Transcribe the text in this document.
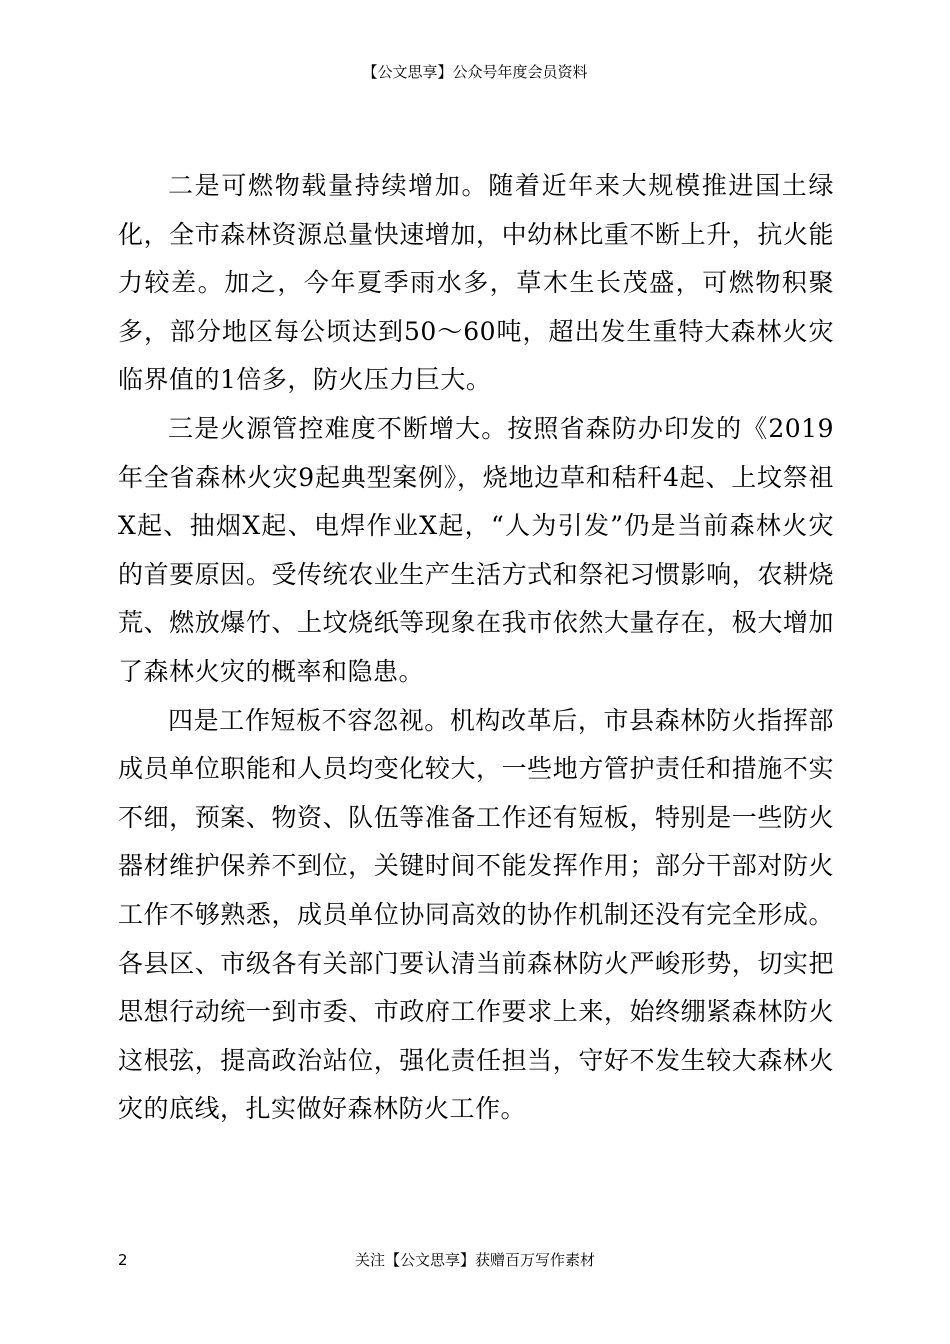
【公文思享】公众号年度会员资料

二是可燃物载量持续增加。随着近年来大规模推进国土绿化，全市森林资源总量快速增加，中幼林比重不断上升，抗火能力较差。加之，今年夏季雨水多，草木生长茂盛，可燃物积聚多，部分地区每公顷达到50～60吨，超出发生重特大森林火灾临界值的1倍多，防火压力巨大。

三是火源管控难度不断增大。按照省森防办印发的《2019年全省森林火灾9起典型案例》，烧地边草和秸秆4起、上坟祭祖X起、抽烟X起、电焊作业X起，“人为引发”仍是当前森林火灾的首要原因。受传统农业生产生活方式和祭祀习惯影响，农耕烧荒、燃放爆竹、上坟烧纸等现象在我市依然大量存在，极大增加了森林火灾的概率和隐患。

四是工作短板不容忽视。机构改革后，市县森林防火指挥部成员单位职能和人员均变化较大，一些地方管护责任和措施不实不细，预案、物资、队伍等准备工作还有短板，特别是一些防火器材维护保养不到位，关键时间不能发挥作用；部分干部对防火工作不够熟悉，成员单位协同高效的协作机制还没有完全形成。各县区、市级各有关部门要认清当前森林防火严峻形势，切实把思想行动统一到市委、市政府工作要求上来，始终绷紧森林防火这根弦，提高政治站位，强化责任担当，守好不发生较大森林火灾的底线，扎实做好森林防火工作。

2	关注【公文思享】获赠百万写作素材
